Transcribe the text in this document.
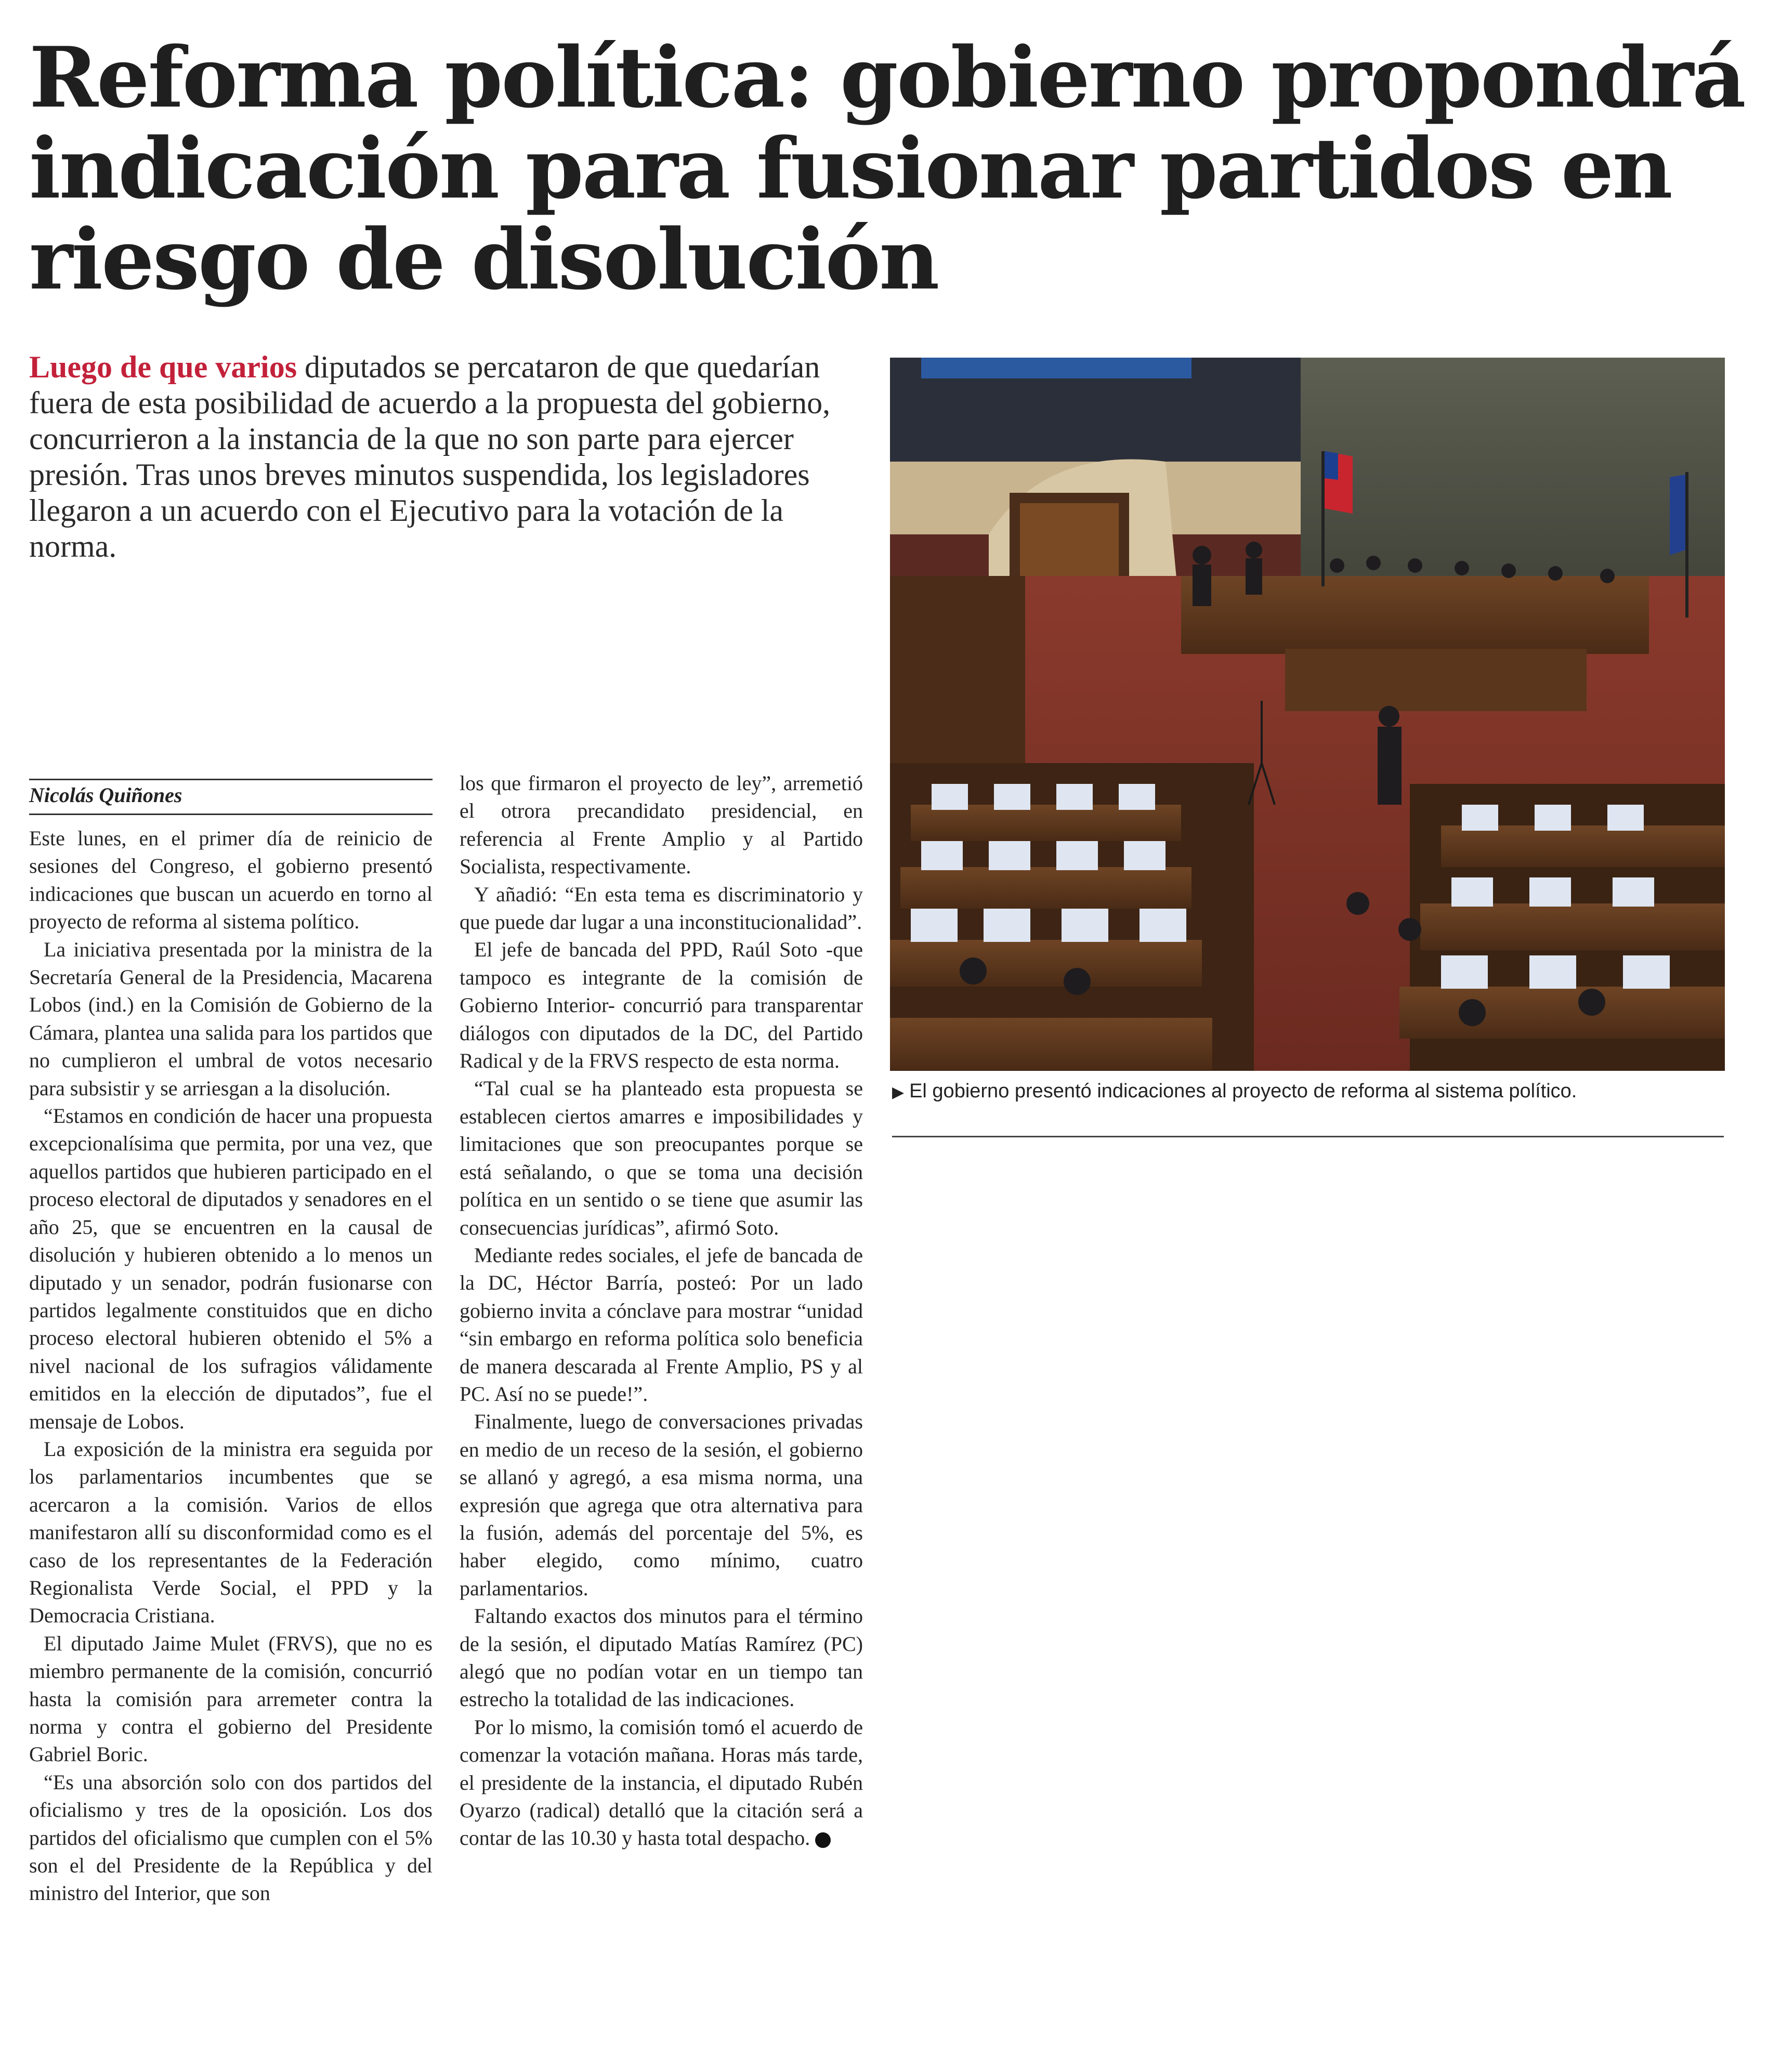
Reforma política: gobierno propondrá indicación para fusionar partidos en riesgo de disolución

Luego de que varios diputados se percataron de que quedarían fuera de esta posibilidad de acuerdo a la propuesta del gobierno, concurrieron a la instancia de la que no son parte para ejercer presión. Tras unos breves minutos suspendida, los legisladores llegaron a un acuerdo con el Ejecutivo para la votación de la norma.

▶ El gobierno presentó indicaciones al proyecto de reforma al sistema político.

Nicolás Quiñones

Este lunes, en el primer día de reinicio de sesiones del Congreso, el gobierno presentó indicaciones que buscan un acuerdo en torno al proyecto de reforma al sistema político.

La iniciativa presentada por la ministra de la Secretaría General de la Presidencia, Macarena Lobos (ind.) en la Comisión de Gobierno de la Cámara, plantea una salida para los partidos que no cumplieron el umbral de votos necesario para subsistir y se arriesgan a la disolución.

“Estamos en condición de hacer una propuesta excepcionalísima que permita, por una vez, que aquellos partidos que hubieren participado en el proceso electoral de diputados y senadores en el año 25, que se encuentren en la causal de disolución y hubieren obtenido a lo menos un diputado y un senador, podrán fusionarse con partidos legalmente constituidos que en dicho proceso electoral hubieren obtenido el 5% a nivel nacional de los sufragios válidamente emitidos en la elección de diputados”, fue el mensaje de Lobos.

La exposición de la ministra era seguida por los parlamentarios incumbentes que se acercaron a la comisión. Varios de ellos manifestaron allí su disconformidad como es el caso de los representantes de la Federación Regionalista Verde Social, el PPD y la Democracia Cristiana.

El diputado Jaime Mulet (FRVS), que no es miembro permanente de la comisión, concurrió hasta la comisión para arremeter contra la norma y contra el gobierno del Presidente Gabriel Boric.

“Es una absorción solo con dos partidos del oficialismo y tres de la oposición. Los dos partidos del oficialismo que cumplen con el 5% son el del Presidente de la República y del ministro del Interior, que son

los que firmaron el proyecto de ley”, arremetió el otrora precandidato presidencial, en referencia al Frente Amplio y al Partido Socialista, respectivamente.

Y añadió: “En esta tema es discriminatorio y que puede dar lugar a una inconstitucionalidad”.

El jefe de bancada del PPD, Raúl Soto -que tampoco es integrante de la comisión de Gobierno Interior- concurrió para transparentar diálogos con diputados de la DC, del Partido Radical y de la FRVS respecto de esta norma.

“Tal cual se ha planteado esta propuesta se establecen ciertos amarres e imposibilidades y limitaciones que son preocupantes porque se está señalando, o que se toma una decisión política en un sentido o se tiene que asumir las consecuencias jurídicas”, afirmó Soto.

Mediante redes sociales, el jefe de bancada de la DC, Héctor Barría, posteó: Por un lado gobierno invita a cónclave para mostrar “unidad “sin embargo en reforma política solo beneficia de manera descarada al Frente Amplio, PS y al PC. Así no se puede!”.

Finalmente, luego de conversaciones privadas en medio de un receso de la sesión, el gobierno se allanó y agregó, a esa misma norma, una expresión que agrega que otra alternativa para la fusión, además del porcentaje del 5%, es haber elegido, como mínimo, cuatro parlamentarios.

Faltando exactos dos minutos para el término de la sesión, el diputado Matías Ramírez (PC) alegó que no podían votar en un tiempo tan estrecho la totalidad de las indicaciones.

Por lo mismo, la comisión tomó el acuerdo de comenzar la votación mañana. Horas más tarde, el presidente de la instancia, el diputado Rubén Oyarzo (radical) detalló que la citación será a contar de las 10.30 y hasta total despacho.
